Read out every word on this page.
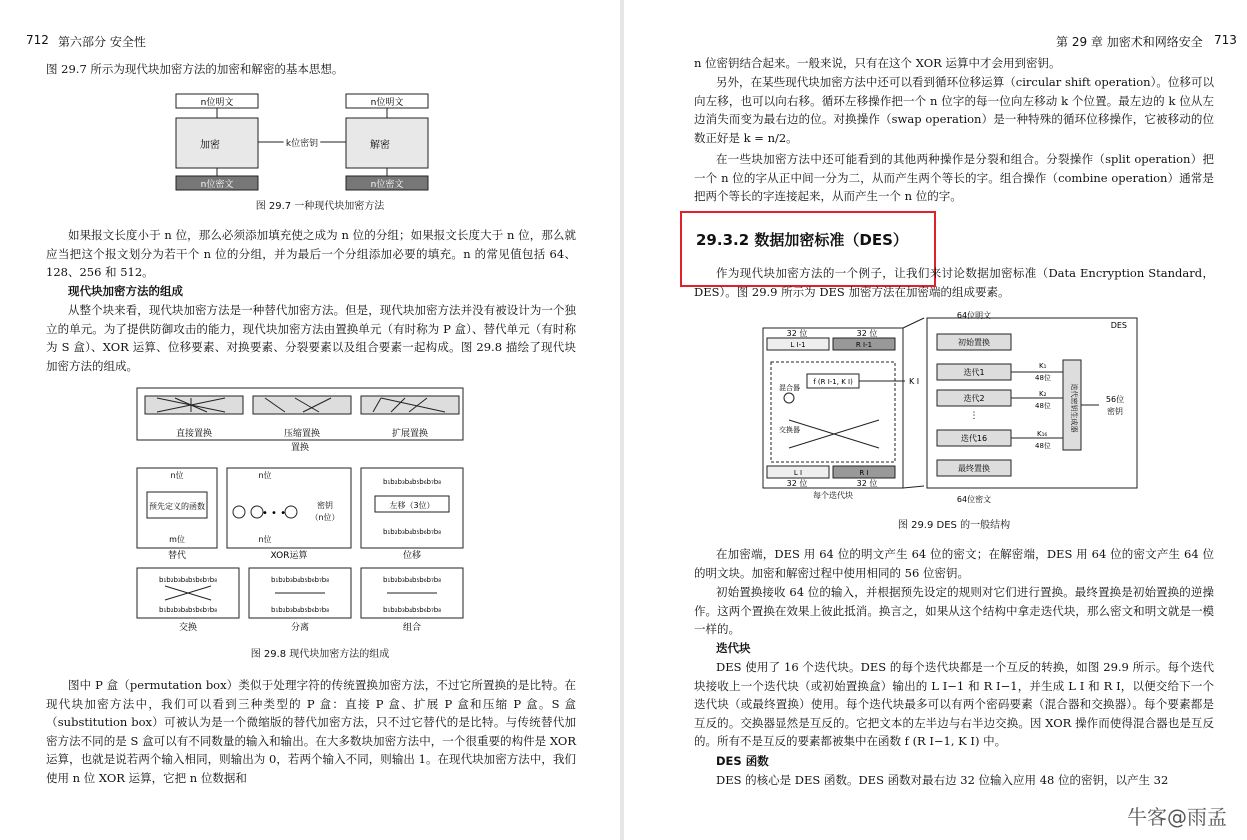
712 第六部分 安全性
图 29.7 所示为现代块加密方法的加密和解密的基本思想。
n位明文
加密
n位密文
k位密钥
n位明文
解密
n位密文
图 29.7 一种现代块加密方法
如果报文长度小于 n 位，那么必须添加填充使之成为 n 位的分组；如果报文长度大于 n 位，那么就应当把这个报文划分为若干个 n 位的分组，并为最后一个分组添加必要的填充。n 的常见值包括 64、128、256 和 512。
现代块加密方法的组成
从整个块来看，现代块加密方法是一种替代加密方法。但是，现代块加密方法并没有被设计为一个独立的单元。为了提供防御攻击的能力，现代块加密方法由置换单元（有时称为 P 盒）、替代单元（有时称为 S 盒）、XOR 运算、位移要素、对换要素、分裂要素以及组合要素一起构成。图 29.8 描绘了现代块加密方法的组成。
直接置换	压缩置换	扩展置换
置换
n位
预先定义的函数
m位
替代
n位
• • •
密钥
（n位）
n位
XOR运算
b₁b₂b₃b₄b₅b₆b₇b₈
左移（3位）
b₁b₂b₃b₄b₅b₆b₇b₈
位移
b₁b₂b₃b₄b₅b₆b₇b₈
b₁b₂b₃b₄b₅b₆b₇b₈
交换
b₁b₂b₃b₄b₅b₆b₇b₈
b₁b₂b₃b₄b₅b₆b₇b₈
分离
b₁b₂b₃b₄b₅b₆b₇b₈
b₁b₂b₃b₄b₅b₆b₇b₈
组合
图 29.8 现代块加密方法的组成
图中 P 盒（permutation box）类似于处理字符的传统置换加密方法，不过它所置换的是比特。在现代块加密方法中，我们可以看到三种类型的 P 盒：直接 P 盒、扩展 P 盒和压缩 P 盒。S 盒（substitution box）可被认为是一个微缩版的替代加密方法，只不过它替代的是比特。与传统替代加密方法不同的是 S 盒可以有不同数量的输入和输出。在大多数块加密方法中，一个很重要的构件是 XOR 运算，也就是说若两个输入相同，则输出为 0，若两个输入不同，则输出 1。在现代块加密方法中，我们使用 n 位 XOR 运算，它把 n 位数据和
第 29 章 加密术和网络安全 713
n 位密钥结合起来。一般来说，只有在这个 XOR 运算中才会用到密钥。
另外，在某些现代块加密方法中还可以看到循环位移运算（circular shift operation）。位移可以向左移，也可以向右移。循环左移操作把一个 n 位字的每一位向左移动 k 个位置。最左边的 k 位从左边消失而变为最右边的位。对换操作（swap operation）是一种特殊的循环位移操作，它被移动的位数正好是 k = n/2。
在一些块加密方法中还可能看到的其他两种操作是分裂和组合。分裂操作（split operation）把一个 n 位的字从正中间一分为二，从而产生两个等长的字。组合操作（combine operation）通常是把两个等长的字连接起来，从而产生一个 n 位的字。
29.3.2 数据加密标准（DES）
作为现代块加密方法的一个例子，让我们来讨论数据加密标准（Data Encryption Standard，DES）。图 29.9 所示为 DES 加密方法在加密端的组成要素。
32 位	32 位
L I-1	R I-1
f (R I-1, K I)	K I
混合器
交换器
L I	R I
32 位	32 位
每个迭代块
DES
64位明文
初始置换
迭代1
迭代2
⋮
迭代16
最终置换
64位密文
K₁
48位
K₂
48位
K₁₆
48位
迭代密钥生成器	56位
密钥
图 29.9 DES 的一般结构
在加密端，DES 用 64 位的明文产生 64 位的密文；在解密端，DES 用 64 位的密文产生 64 位的明文块。加密和解密过程中使用相同的 56 位密钥。
初始置换接收 64 位的输入，并根据预先设定的规则对它们进行置换。最终置换是初始置换的逆操作。这两个置换在效果上彼此抵消。换言之，如果从这个结构中拿走迭代块，那么密文和明文就是一模一样的。
迭代块
DES 使用了 16 个迭代块。DES 的每个迭代块都是一个互反的转换，如图 29.9 所示。每个迭代块接收上一个迭代块（或初始置换盒）输出的 L I−1 和 R I−1，并生成 L I 和 R I，以便交给下一个迭代块（或最终置换）使用。每个迭代块最多可以有两个密码要素（混合器和交换器）。每个要素都是互反的。交换器显然是互反的。它把文本的左半边与右半边交换。因 XOR 操作而使得混合器也是互反的。所有不是互反的要素都被集中在函数 f (R I−1, K I) 中。
DES 函数
DES 的核心是 DES 函数。DES 函数对最右边 32 位输入应用 48 位的密钥，以产生 32
牛客@雨孟
